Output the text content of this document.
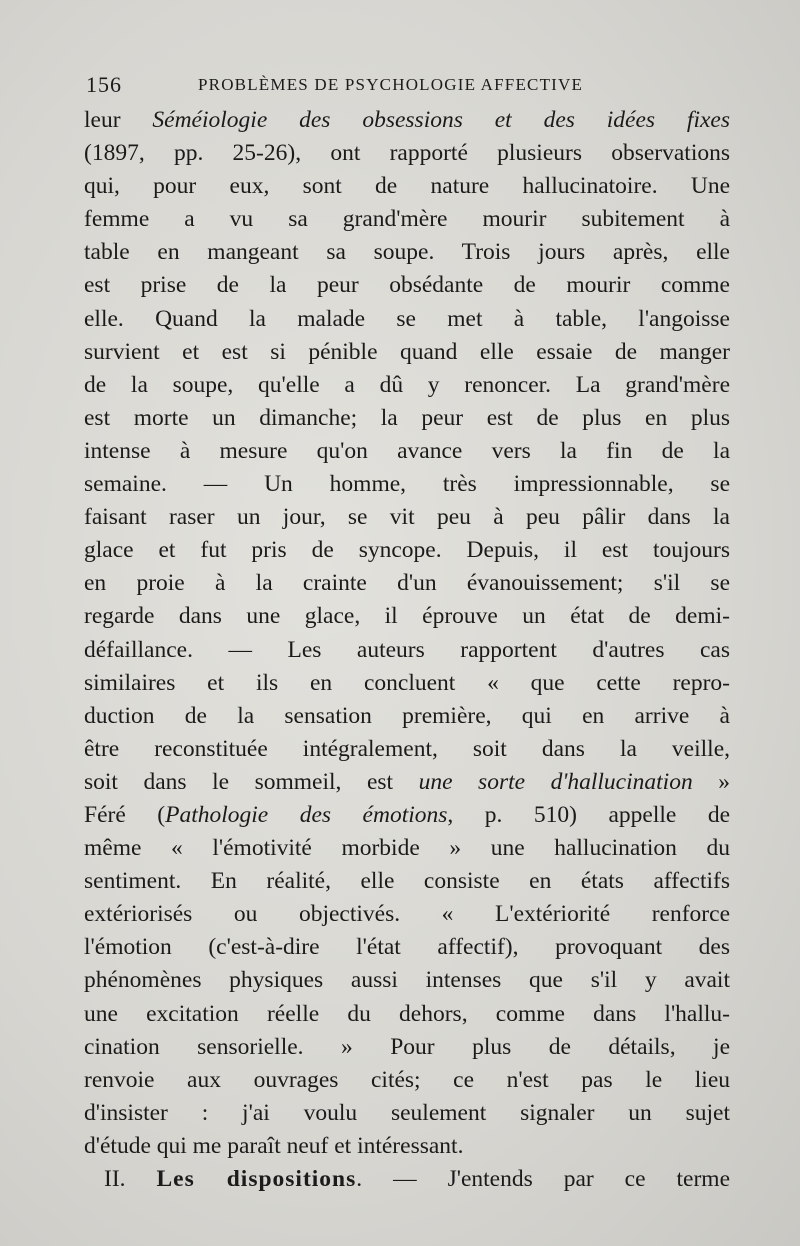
156	PROBLÈMES DE PSYCHOLOGIE AFFECTIVE
leur Séméiologie des obsessions et des idées fixes
(1897, pp. 25-26), ont rapporté plusieurs observations
qui, pour eux, sont de nature hallucinatoire. Une
femme a vu sa grand'mère mourir subitement à
table en mangeant sa soupe. Trois jours après, elle
est prise de la peur obsédante de mourir comme
elle. Quand la malade se met à table, l'angoisse
survient et est si pénible quand elle essaie de manger
de la soupe, qu'elle a dû y renoncer. La grand'mère
est morte un dimanche; la peur est de plus en plus
intense à mesure qu'on avance vers la fin de la
semaine. — Un homme, très impressionnable, se
faisant raser un jour, se vit peu à peu pâlir dans la
glace et fut pris de syncope. Depuis, il est toujours
en proie à la crainte d'un évanouissement; s'il se
regarde dans une glace, il éprouve un état de demi-
défaillance. — Les auteurs rapportent d'autres cas
similaires et ils en concluent « que cette repro-
duction de la sensation première, qui en arrive à
être reconstituée intégralement, soit dans la veille,
soit dans le sommeil, est une sorte d'hallucination »
Féré (Pathologie des émotions, p. 510) appelle de
même « l'émotivité morbide » une hallucination du
sentiment. En réalité, elle consiste en états affectifs
extériorisés ou objectivés. « L'extériorité renforce
l'émotion (c'est-à-dire l'état affectif), provoquant des
phénomènes physiques aussi intenses que s'il y avait
une excitation réelle du dehors, comme dans l'hallu-
cination sensorielle. » Pour plus de détails, je
renvoie aux ouvrages cités; ce n'est pas le lieu
d'insister : j'ai voulu seulement signaler un sujet
d'étude qui me paraît neuf et intéressant.
II. Les dispositions. — J'entends par ce terme
